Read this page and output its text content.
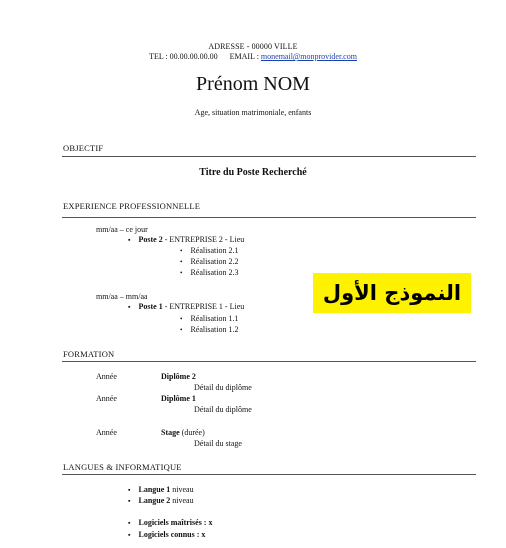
ADRESSE - 00000 VILLE
TEL : 00.00.00.00.00 EMAIL : monemail@monprovider.com
Prénom NOM
Age, situation matrimoniale, enfants
OBJECTIF
Titre du Poste Recherché
EXPERIENCE PROFESSIONNELLE
mm/aa – ce jour
▪ Poste 2 - ENTREPRISE 2 - Lieu
• Réalisation 2.1
• Réalisation 2.2
• Réalisation 2.3
mm/aa – mm/aa
▪ Poste 1 - ENTREPRISE 1 - Lieu
• Réalisation 1.1
• Réalisation 1.2
النموذج الأول
FORMATION
Année	Diplôme 2
Détail du diplôme
Année	Diplôme 1
Détail du diplôme
Année	Stage (durée)
Détail du stage
LANGUES & INFORMATIQUE
▪ Langue 1 niveau
▪ Langue 2 niveau
▪ Logiciels maîtrisés : x
▪ Logiciels connus : x
